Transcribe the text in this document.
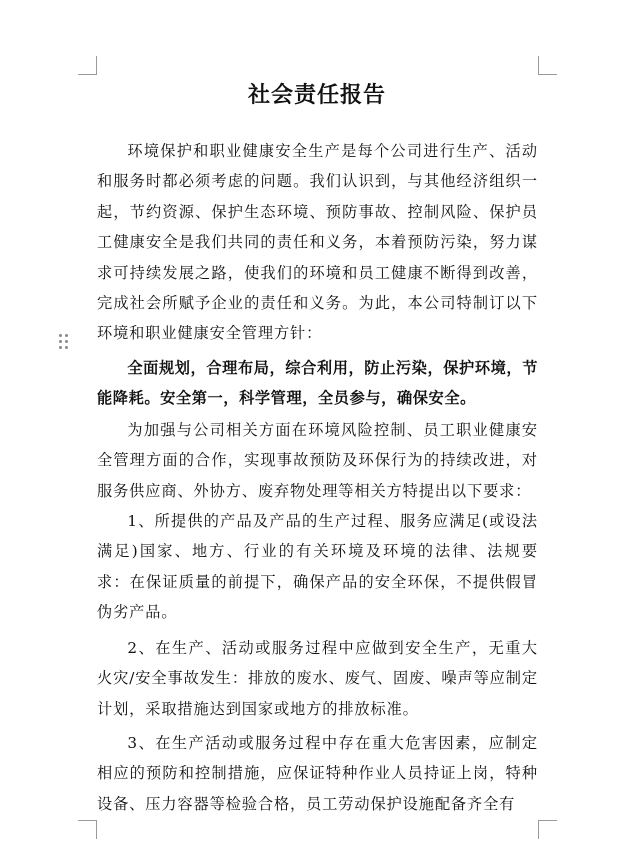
社会责任报告

环境保护和职业健康安全生产是每个公司进行生产、活动和服务时都必须考虑的问题。我们认识到，与其他经济组织一起，节约资源、保护生态环境、预防事故、控制风险、保护员工健康安全是我们共同的责任和义务，本着预防污染，努力谋求可持续发展之路，使我们的环境和员工健康不断得到改善，完成社会所赋予企业的责任和义务。为此，本公司特制订以下环境和职业健康安全管理方针：

全面规划，合理布局，综合利用，防止污染，保护环境，节能降耗。安全第一，科学管理，全员参与，确保安全。

为加强与公司相关方面在环境风险控制、员工职业健康安全管理方面的合作，实现事故预防及环保行为的持续改进，对服务供应商、外协方、废弃物处理等相关方特提出以下要求：

1、所提供的产品及产品的生产过程、服务应满足(或设法满足)国家、地方、行业的有关环境及环境的法律、法规要求：在保证质量的前提下，确保产品的安全环保，不提供假冒伪劣产品。

2、在生产、活动或服务过程中应做到安全生产，无重大火灾/安全事故发生：排放的废水、废气、固废、噪声等应制定计划，采取措施达到国家或地方的排放标准。

3、在生产活动或服务过程中存在重大危害因素，应制定相应的预防和控制措施，应保证特种作业人员持证上岗，特种设备、压力容器等检验合格，员工劳动保护设施配备齐全有
